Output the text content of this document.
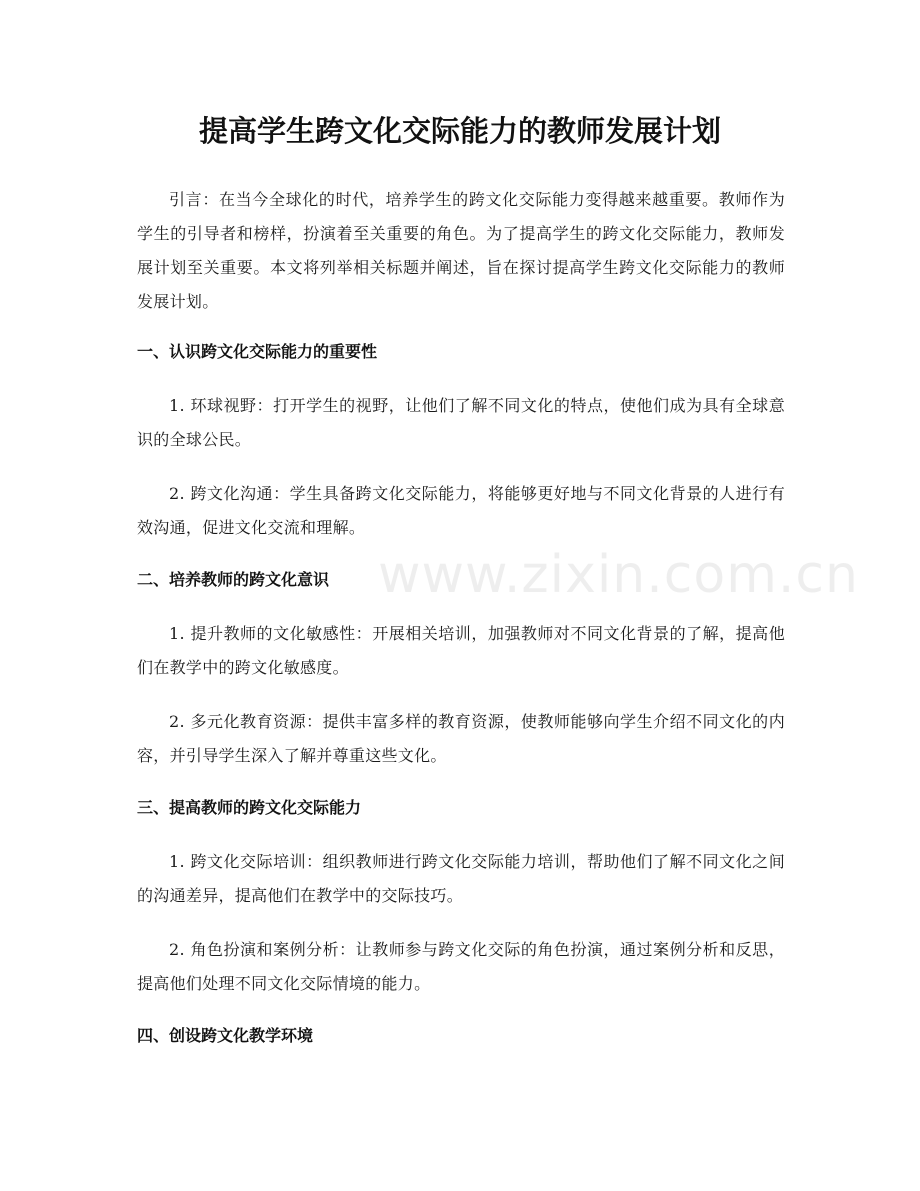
提高学生跨文化交际能力的教师发展计划

引言：在当今全球化的时代，培养学生的跨文化交际能力变得越来越重要。教师作为学生的引导者和榜样，扮演着至关重要的角色。为了提高学生的跨文化交际能力，教师发展计划至关重要。本文将列举相关标题并阐述，旨在探讨提高学生跨文化交际能力的教师发展计划。

一、认识跨文化交际能力的重要性

1. 环球视野：打开学生的视野，让他们了解不同文化的特点，使他们成为具有全球意识的全球公民。

2. 跨文化沟通：学生具备跨文化交际能力，将能够更好地与不同文化背景的人进行有效沟通，促进文化交流和理解。

二、培养教师的跨文化意识

1. 提升教师的文化敏感性：开展相关培训，加强教师对不同文化背景的了解，提高他们在教学中的跨文化敏感度。

2. 多元化教育资源：提供丰富多样的教育资源，使教师能够向学生介绍不同文化的内容，并引导学生深入了解并尊重这些文化。

三、提高教师的跨文化交际能力

1. 跨文化交际培训：组织教师进行跨文化交际能力培训，帮助他们了解不同文化之间的沟通差异，提高他们在教学中的交际技巧。

2. 角色扮演和案例分析：让教师参与跨文化交际的角色扮演，通过案例分析和反思，提高他们处理不同文化交际情境的能力。

四、创设跨文化教学环境
www.zixin.com.cn
